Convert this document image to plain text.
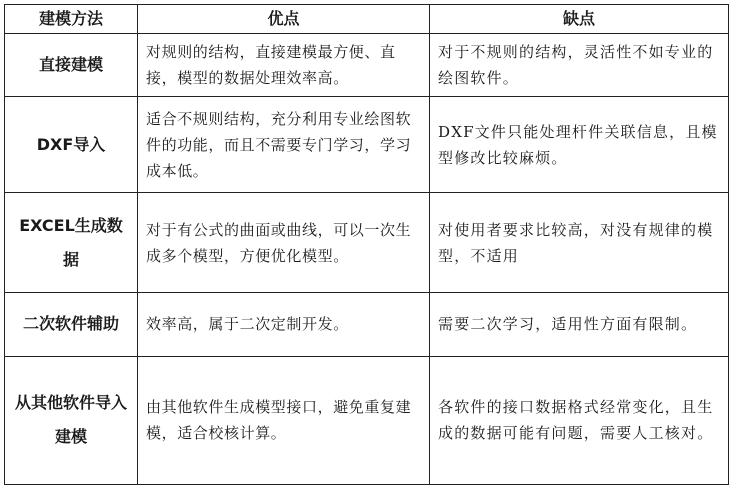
建模方法	优点	缺点
直接建模	对规则的结构，直接建模最方便、直接，模型的数据处理效率高。	对于不规则的结构，灵活性不如专业的绘图软件。
DXF导入	适合不规则结构，充分利用专业绘图软件的功能，而且不需要专门学习，学习成本低。	DXF文件只能处理杆件关联信息，且模型修改比较麻烦。
EXCEL生成数据	对于有公式的曲面或曲线，可以一次生成多个模型，方便优化模型。	对使用者要求比较高，对没有规律的模型，不适用
二次软件辅助	效率高，属于二次定制开发。	需要二次学习，适用性方面有限制。
从其他软件导入建模	由其他软件生成模型接口，避免重复建模，适合校核计算。	各软件的接口数据格式经常变化，且生成的数据可能有问题，需要人工核对。
